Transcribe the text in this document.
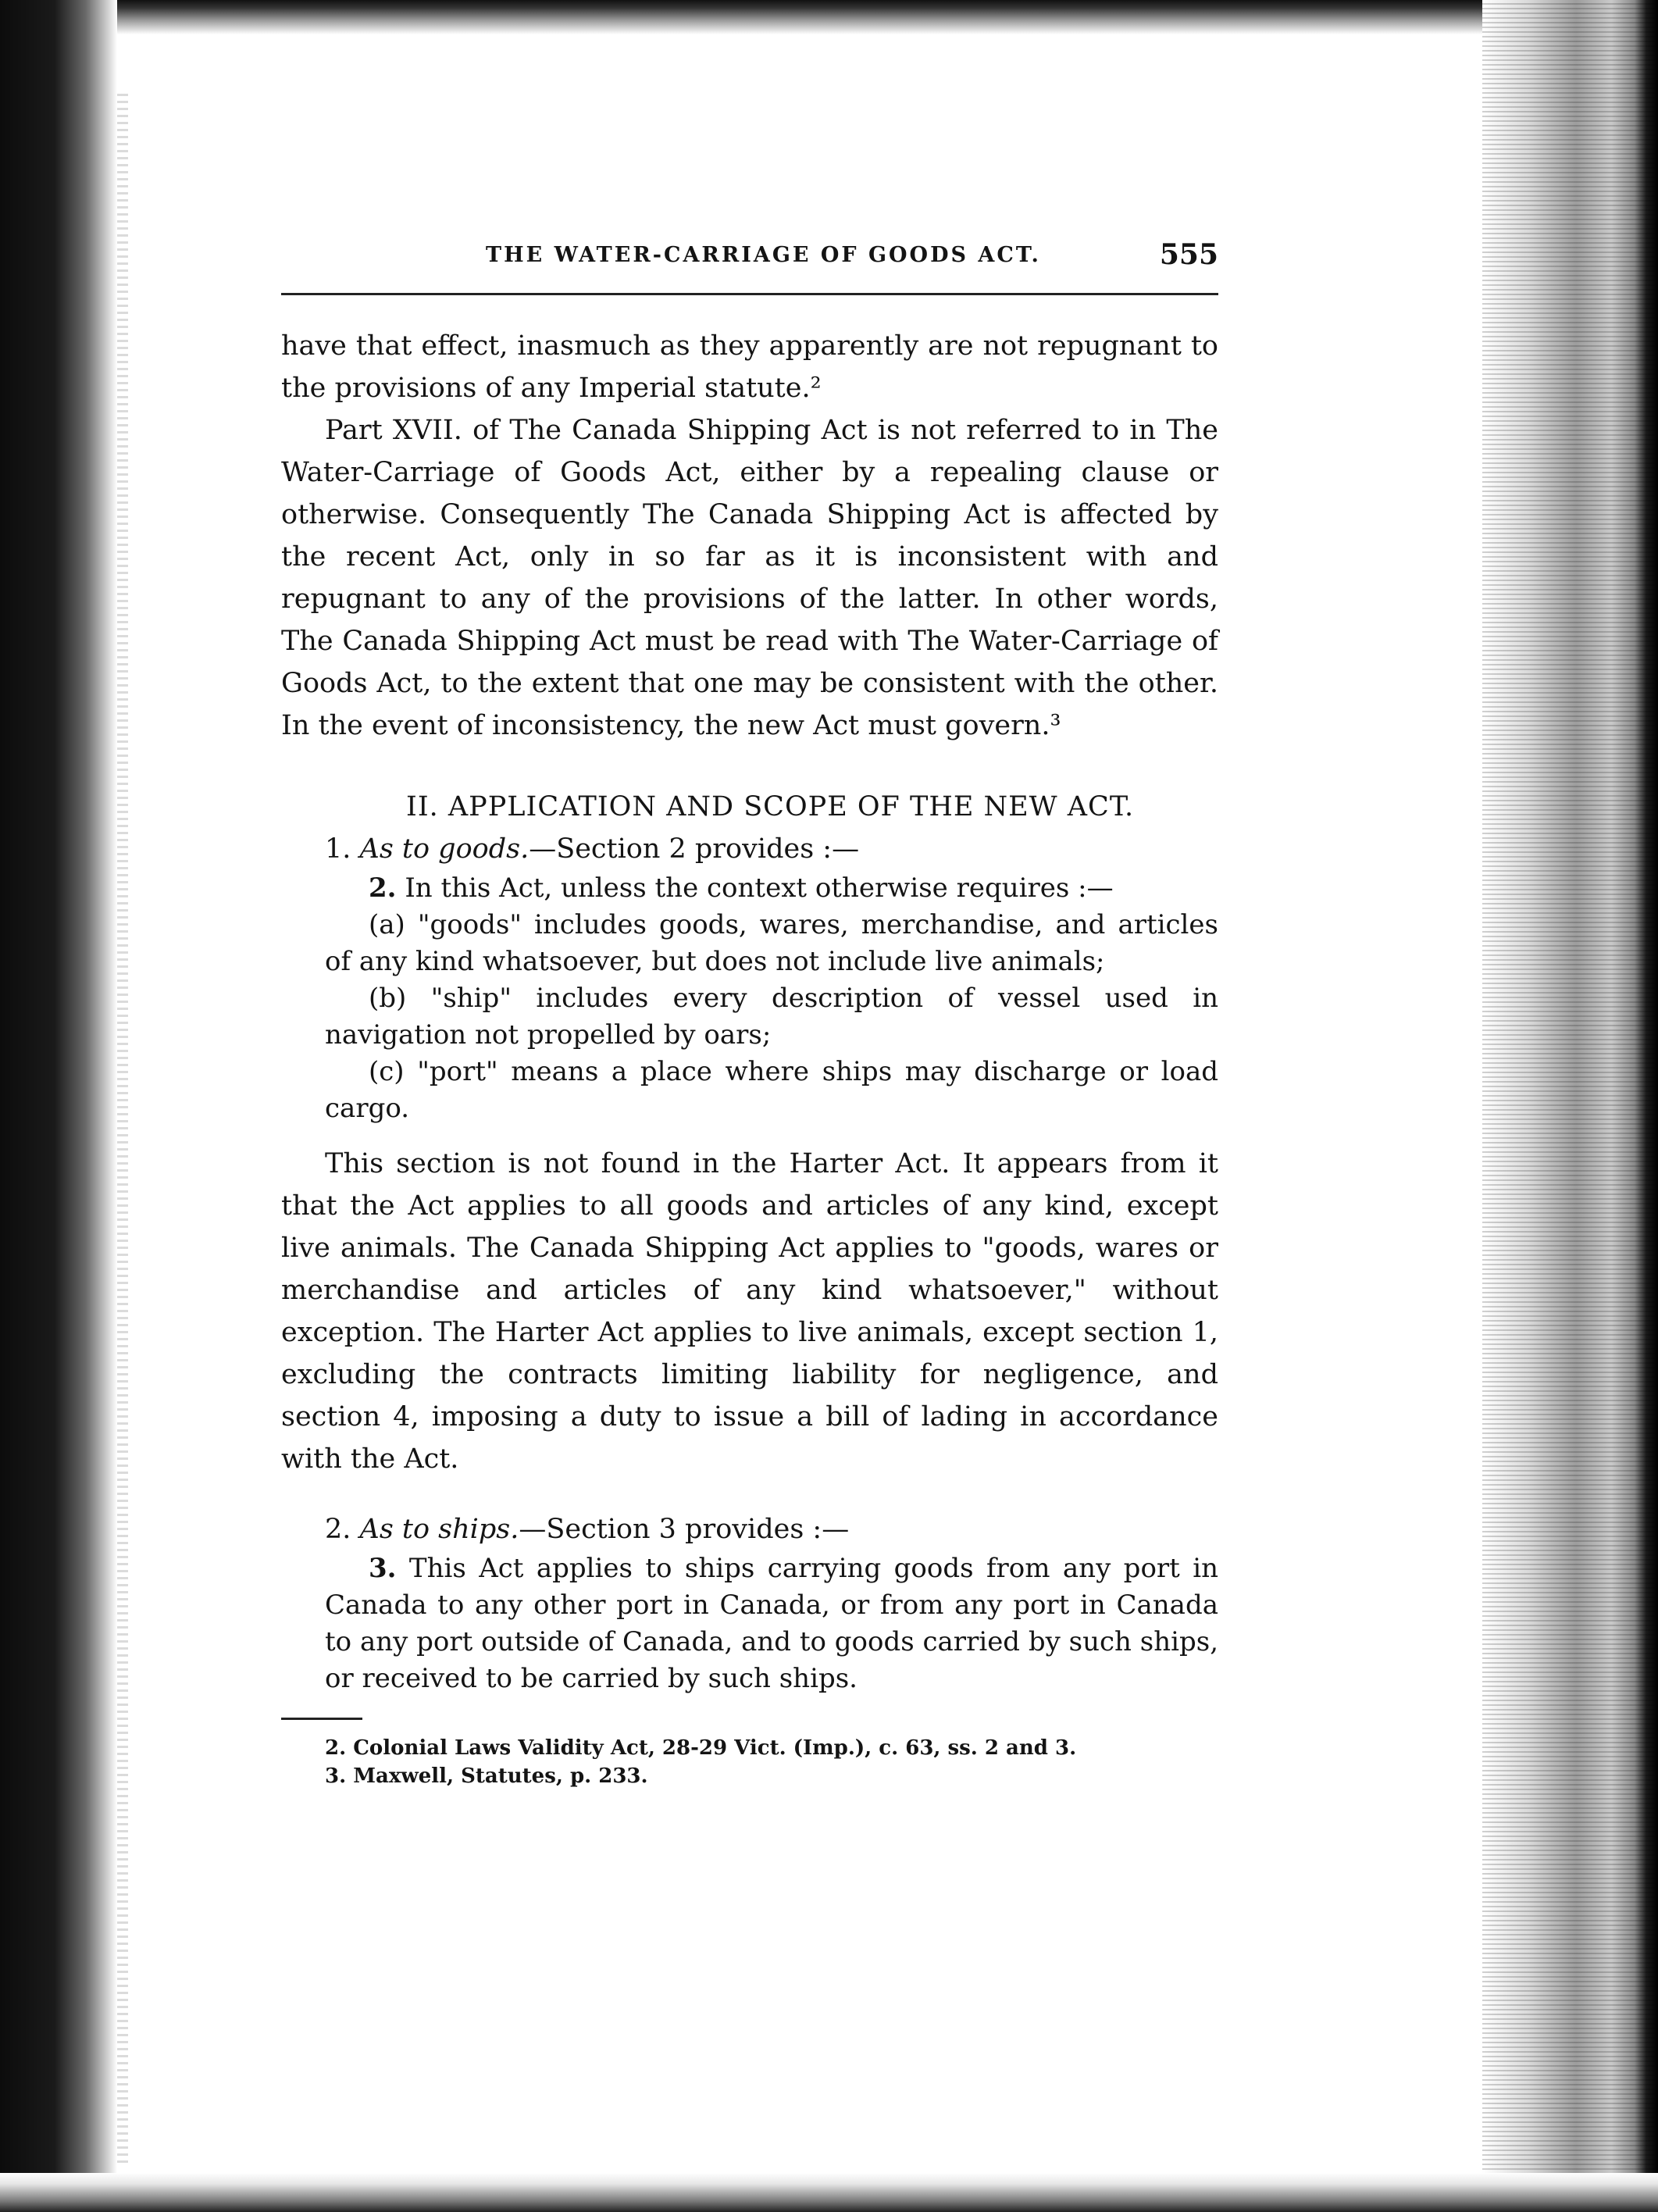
THE WATER-CARRIAGE OF GOODS ACT.	555

have that effect, inasmuch as they apparently are not repugnant to the provisions of any Imperial statute.²

Part XVII. of The Canada Shipping Act is not referred to in The Water-Carriage of Goods Act, either by a repealing clause or otherwise. Consequently The Canada Shipping Act is affected by the recent Act, only in so far as it is inconsistent with and repugnant to any of the provisions of the latter. In other words, The Canada Shipping Act must be read with The Water-Carriage of Goods Act, to the extent that one may be consistent with the other. In the event of inconsistency, the new Act must govern.³

II. APPLICATION AND SCOPE OF THE NEW ACT.
1. As to goods.—Section 2 provides :—

2. In this Act, unless the context otherwise requires :—

(a) "goods" includes goods, wares, merchandise, and articles of any kind whatsoever, but does not include live animals;

(b) "ship" includes every description of vessel used in navigation not propelled by oars;

(c) "port" means a place where ships may discharge or load cargo.

This section is not found in the Harter Act. It appears from it that the Act applies to all goods and articles of any kind, except live animals. The Canada Shipping Act applies to "goods, wares or merchandise and articles of any kind whatsoever," without exception. The Harter Act applies to live animals, except section 1, excluding the contracts limiting liability for negligence, and section 4, imposing a duty to issue a bill of lading in accordance with the Act.

2. As to ships.—Section 3 provides :—

3. This Act applies to ships carrying goods from any port in Canada to any other port in Canada, or from any port in Canada to any port outside of Canada, and to goods carried by such ships, or received to be carried by such ships.

2. Colonial Laws Validity Act, 28-29 Vict. (Imp.), c. 63, ss. 2 and 3.

3. Maxwell, Statutes, p. 233.
